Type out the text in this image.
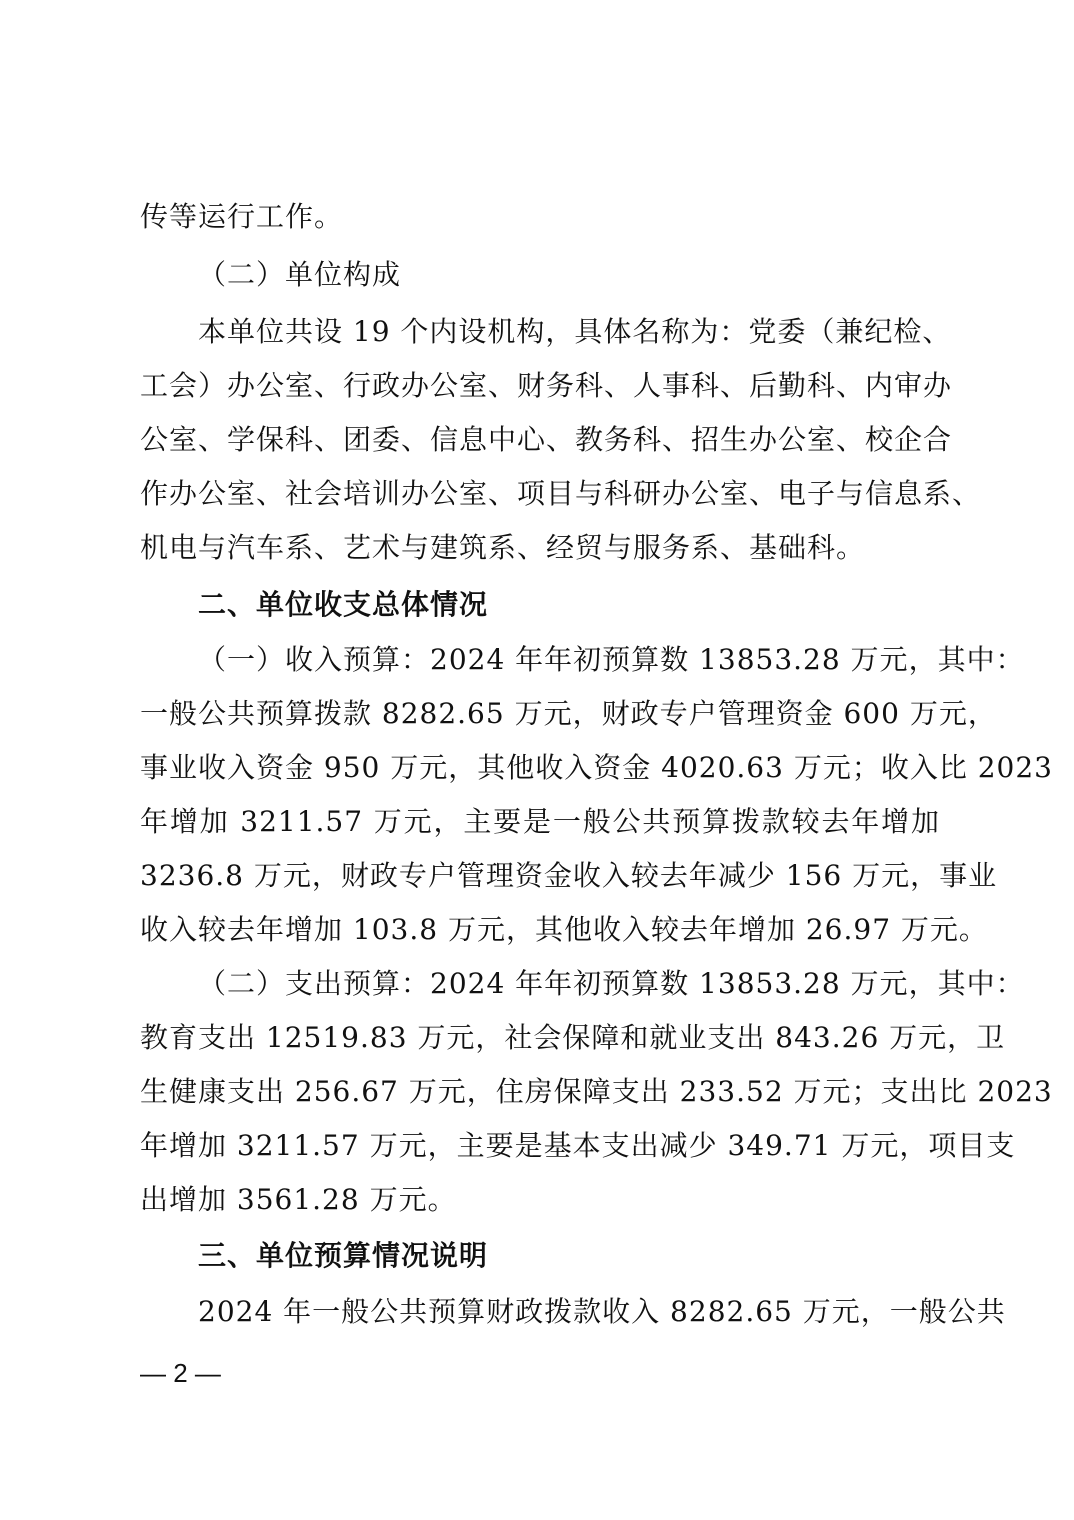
传等运行工作。
（二）单位构成
本单位共设 19 个内设机构，具体名称为：党委（兼纪检、
工会）办公室、行政办公室、财务科、人事科、后勤科、内审办
公室、学保科、团委、信息中心、教务科、招生办公室、校企合
作办公室、社会培训办公室、项目与科研办公室、电子与信息系、
机电与汽车系、艺术与建筑系、经贸与服务系、基础科。
二、单位收支总体情况
（一）收入预算：2024 年年初预算数 13853.28 万元，其中：
一般公共预算拨款 8282.65 万元，财政专户管理资金 600 万元，
事业收入资金 950 万元，其他收入资金 4020.63 万元；收入比 2023
年增加 3211.57 万元，主要是一般公共预算拨款较去年增加
3236.8 万元，财政专户管理资金收入较去年减少 156 万元，事业
收入较去年增加 103.8 万元，其他收入较去年增加 26.97 万元。
（二）支出预算：2024 年年初预算数 13853.28 万元，其中：
教育支出 12519.83 万元，社会保障和就业支出 843.26 万元，卫
生健康支出 256.67 万元，住房保障支出 233.52 万元；支出比 2023
年增加 3211.57 万元，主要是基本支出减少 349.71 万元，项目支
出增加 3561.28 万元。
三、单位预算情况说明
2024 年一般公共预算财政拨款收入 8282.65 万元，一般公共
— 2 —
